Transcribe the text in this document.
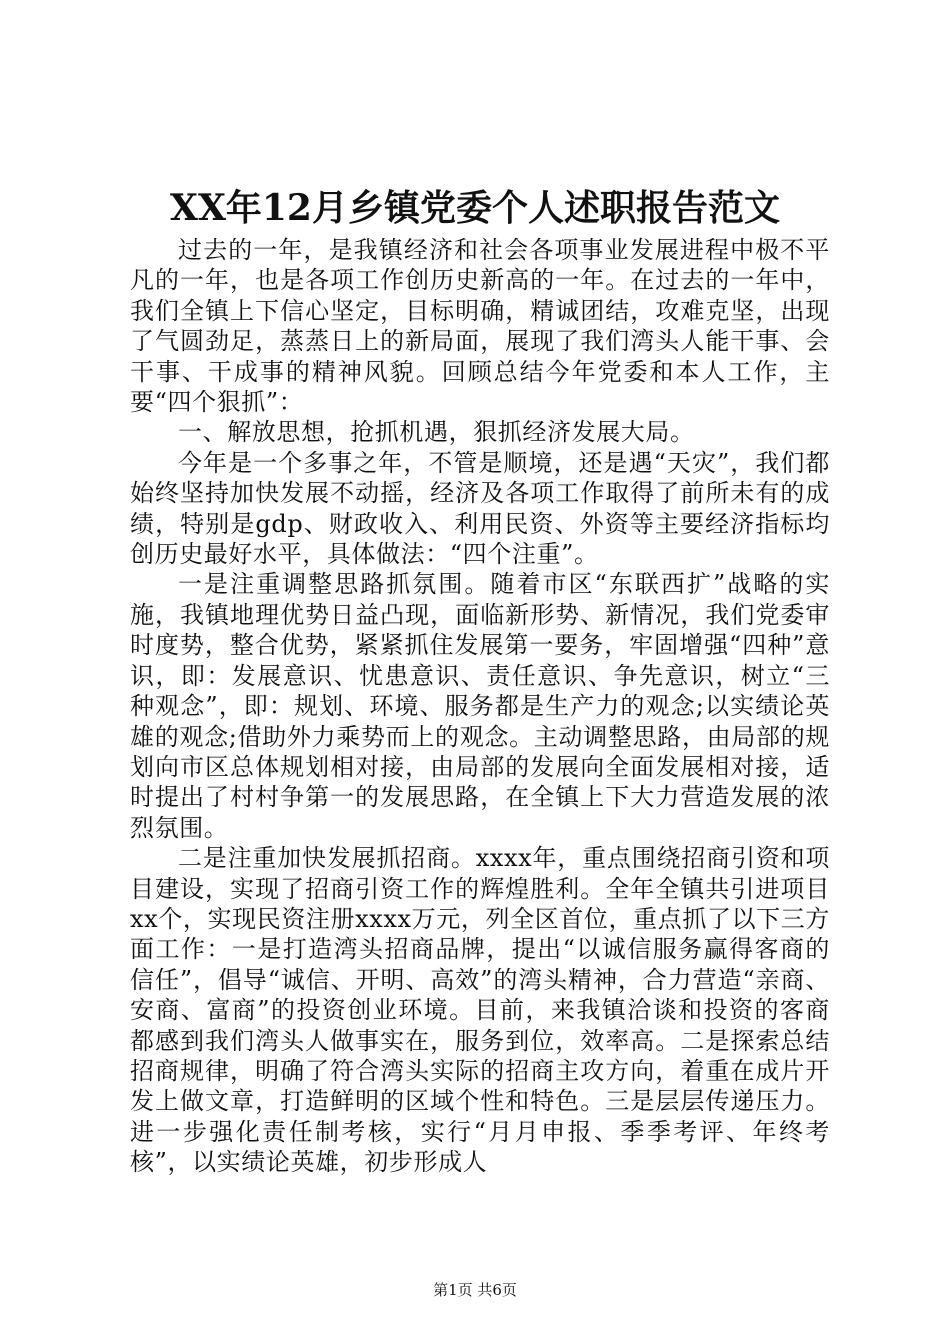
XX年12月乡镇党委个人述职报告范文

过去的一年，是我镇经济和社会各项事业发展进程中极不平凡的一年，也是各项工作创历史新高的一年。在过去的一年中，我们全镇上下信心坚定，目标明确，精诚团结，攻难克坚，出现了气圆劲足，蒸蒸日上的新局面，展现了我们湾头人能干事、会干事、干成事的精神风貌。回顾总结今年党委和本人工作，主要“四个狠抓”：

一、解放思想，抢抓机遇，狠抓经济发展大局。

今年是一个多事之年，不管是顺境，还是遇“天灾”，我们都始终坚持加快发展不动摇，经济及各项工作取得了前所未有的成绩，特别是gdp、财政收入、利用民资、外资等主要经济指标均创历史最好水平，具体做法：“四个注重”。

一是注重调整思路抓氛围。随着市区“东联西扩”战略的实施，我镇地理优势日益凸现，面临新形势、新情况，我们党委审时度势，整合优势，紧紧抓住发展第一要务，牢固增强“四种”意识，即：发展意识、忧患意识、责任意识、争先意识，树立“三种观念”，即：规划、环境、服务都是生产力的观念;以实绩论英雄的观念;借助外力乘势而上的观念。主动调整思路，由局部的规划向市区总体规划相对接，由局部的发展向全面发展相对接，适时提出了村村争第一的发展思路，在全镇上下大力营造发展的浓烈氛围。

二是注重加快发展抓招商。xxxx年，重点围绕招商引资和项目建设，实现了招商引资工作的辉煌胜利。全年全镇共引进项目xx个，实现民资注册xxxx万元，列全区首位，重点抓了以下三方面工作：一是打造湾头招商品牌，提出“以诚信服务赢得客商的信任”，倡导“诚信、开明、高效”的湾头精神，合力营造“亲商、安商、富商”的投资创业环境。目前，来我镇洽谈和投资的客商都感到我们湾头人做事实在，服务到位，效率高。二是探索总结招商规律，明确了符合湾头实际的招商主攻方向，着重在成片开发上做文章，打造鲜明的区域个性和特色。三是层层传递压力。进一步强化责任制考核，实行“月月申报、季季考评、年终考核”，以实绩论英雄，初步形成人

第1页 共6页
